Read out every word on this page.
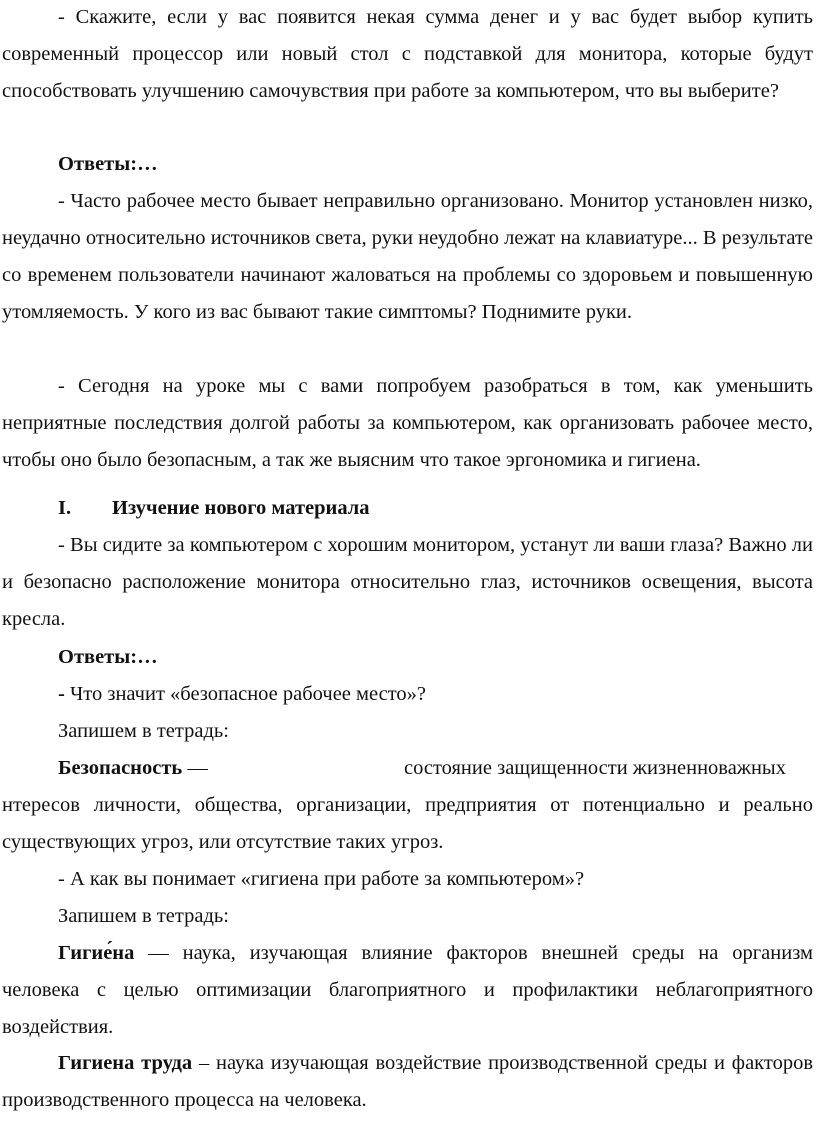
- Скажите, если у вас появится некая сумма денег и у вас будет выбор купить современный процессор или новый стол с подставкой для монитора, которые будут способствовать улучшению самочувствия при работе за компьютером, что вы выберите?

Ответы:…

- Часто рабочее место бывает неправильно организовано. Монитор установлен низко, неудачно относительно источников света, руки неудобно лежат на клавиатуре... В результате со временем пользователи начинают жаловаться на проблемы со здоровьем и повышенную утомляемость. У кого из вас бывают такие симптомы? Поднимите руки.

- Сегодня на уроке мы с вами попробуем разобраться в том, как уменьшить неприятные последствия долгой работы за компьютером, как организовать рабочее место, чтобы оно было безопасным, а так же выясним что такое эргономика и гигиена.

I. Изучение нового материала

- Вы сидите за компьютером с хорошим монитором, устанут ли ваши глаза? Важно ли и безопасно расположение монитора относительно глаз, источников освещения, высота кресла.

Ответы:…

- Что значит «безопасное рабочее место»?

Запишем в тетрадь:

Безопасность —	состояние защищенности жизненноважных

нтересов личности, общества, организации, предприятия от потенциально и реально существующих угроз, или отсутствие таких угроз.

- А как вы понимает «гигиена при работе за компьютером»?

Запишем в тетрадь:

Гигие́на — наука, изучающая влияние факторов внешней среды на организм человека с целью оптимизации благоприятного и профилактики неблагоприятного воздействия.

Гигиена труда – наука изучающая воздействие производственной среды и факторов производственного процесса на человека.
